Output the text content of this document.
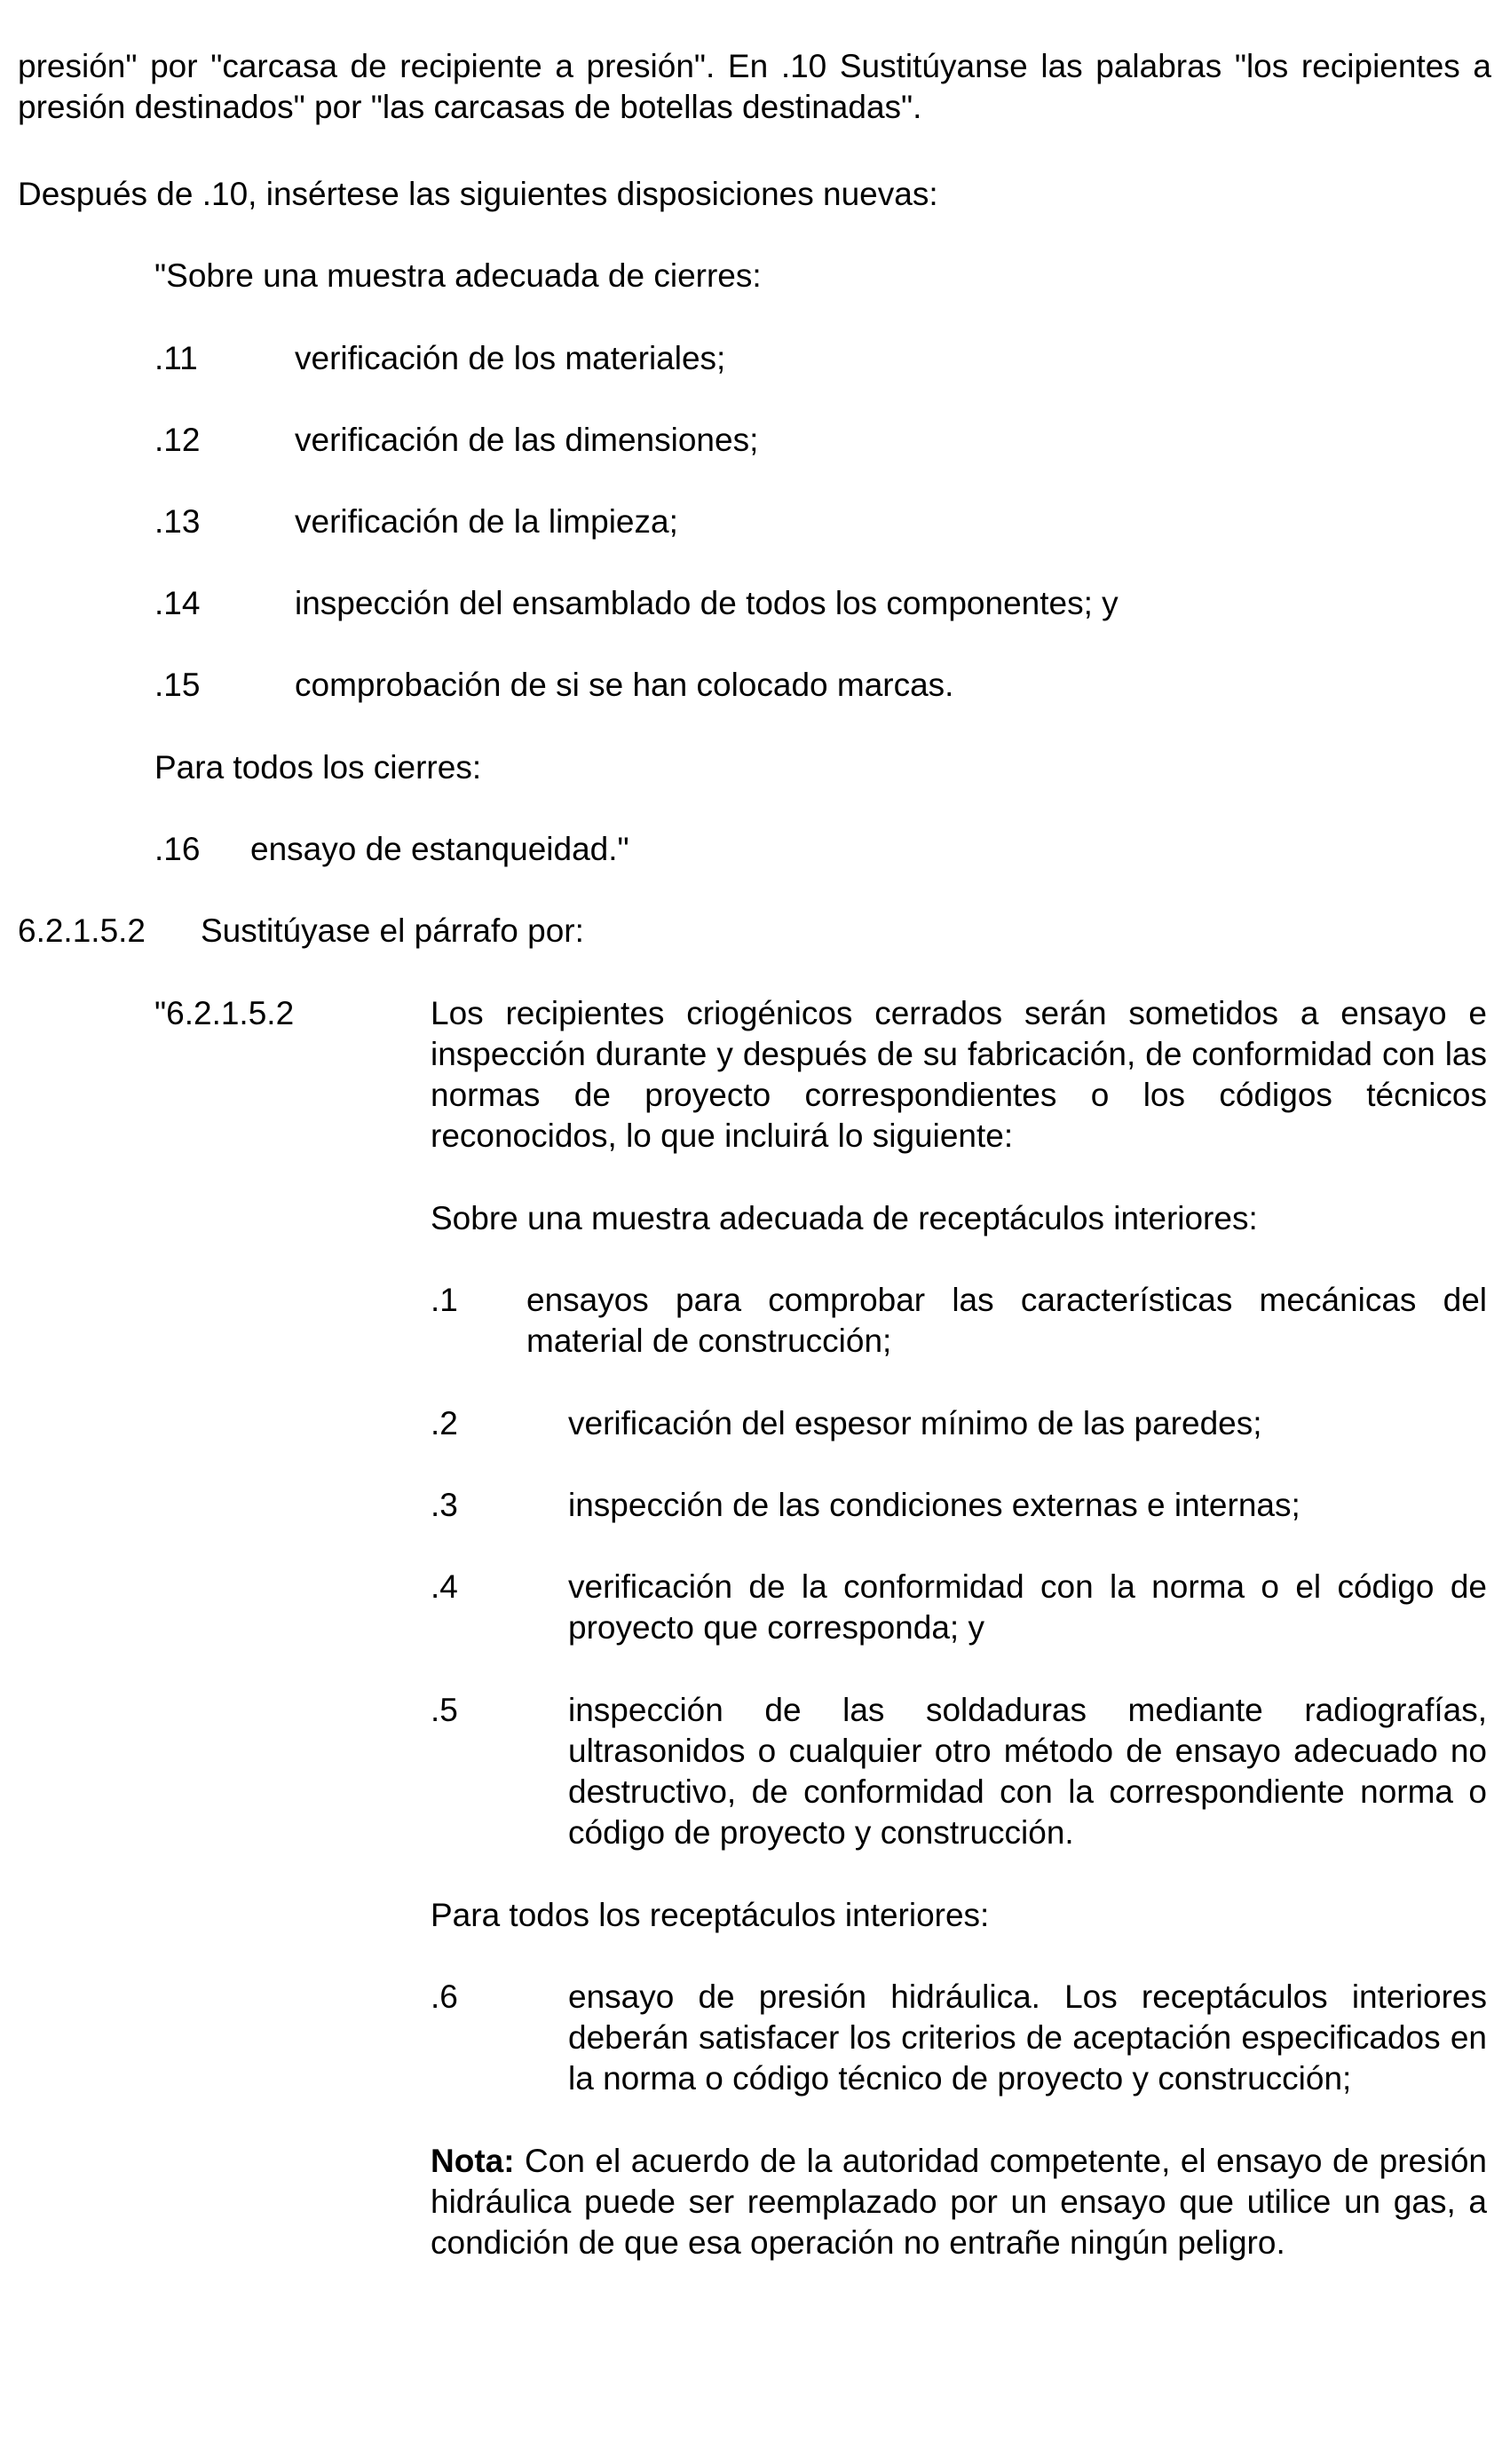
presión" por "carcasa de recipiente a presión". En .10 Sustitúyanse las palabras "los recipientes a presión destinados" por "las carcasas de botellas destinadas".

Después de .10, insértese las siguientes disposiciones nuevas:

"Sobre una muestra adecuada de cierres:

.11	verificación de los materiales;
.12	verificación de las dimensiones;
.13	verificación de la limpieza;
.14	inspección del ensamblado de todos los componentes; y
.15	comprobación de si se han colocado marcas.

Para todos los cierres:

.16 ensayo de estanqueidad."
6.2.1.5.2 Sustitúyase el párrafo por:
"6.2.1.5.2	Los recipientes criogénicos cerrados serán sometidos a ensayo e inspección durante y después de su fabricación, de conformidad con las normas de proyecto correspondientes o los códigos técnicos reconocidos, lo que incluirá lo siguiente:

Sobre una muestra adecuada de receptáculos interiores:

.1 ensayos para comprobar las características mecánicas del material de construcción;

.2	verificación del espesor mínimo de las paredes;

.3	inspección de las condiciones externas e internas;

.4	verificación de la conformidad con la norma o el código de proyecto que corresponda; y

.5	inspección de las soldaduras mediante radiografías, ultrasonidos o cualquier otro método de ensayo adecuado no destructivo, de conformidad con la correspondiente norma o código de proyecto y construcción.

Para todos los receptáculos interiores:

.6	ensayo de presión hidráulica. Los receptáculos interiores deberán satisfacer los criterios de aceptación especificados en la norma o código técnico de proyecto y construcción;

Nota: Con el acuerdo de la autoridad competente, el ensayo de presión hidráulica puede ser reemplazado por un ensayo que utilice un gas, a condición de que esa operación no entrañe ningún peligro.
